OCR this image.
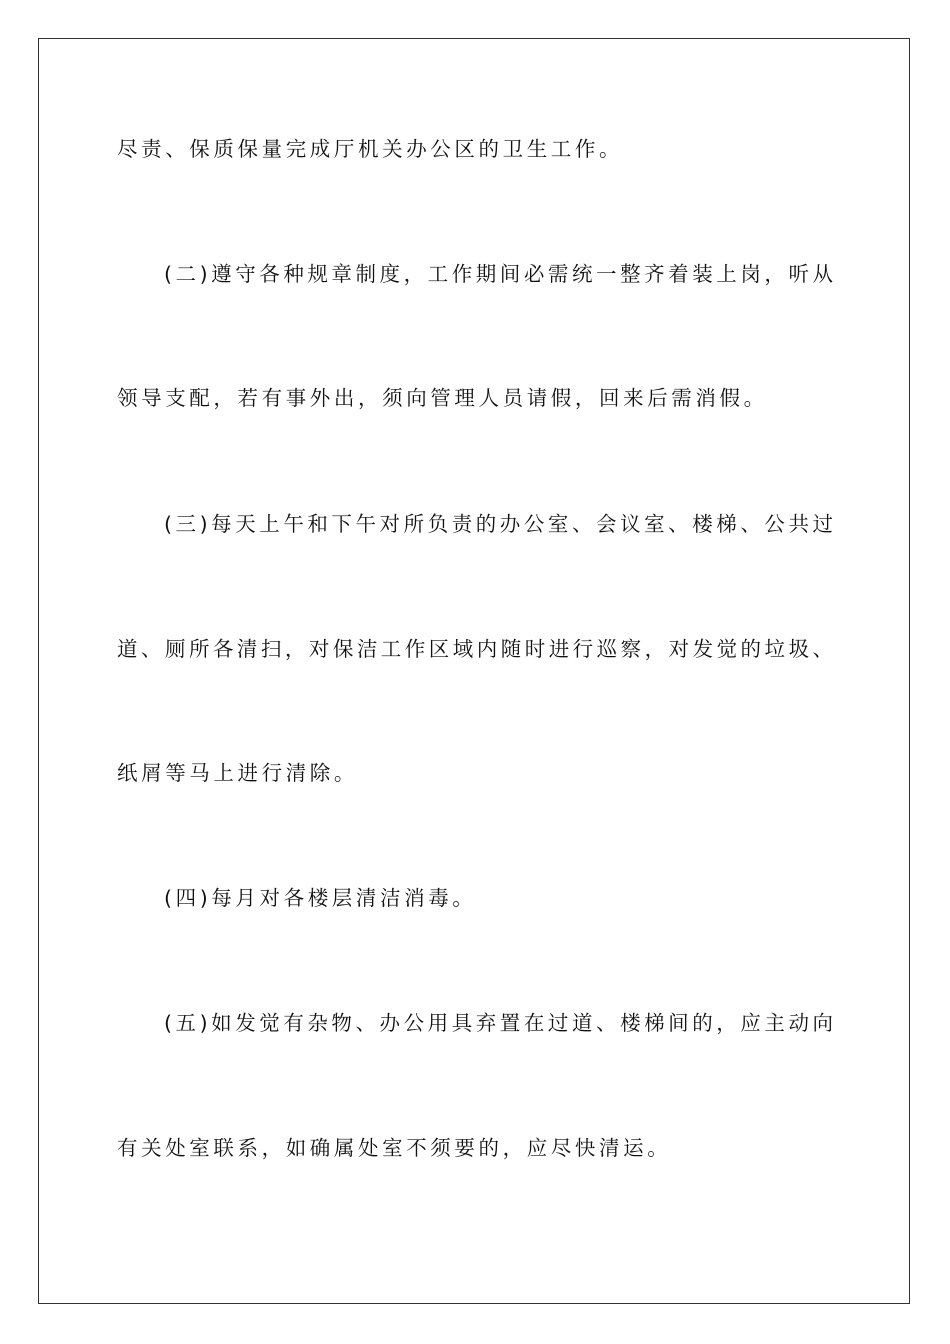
尽责、保质保量完成厅机关办公区的卫生工作。
(二)遵守各种规章制度，工作期间必需统一整齐着装上岗，听从
领导支配，若有事外出，须向管理人员请假，回来后需消假。
(三)每天上午和下午对所负责的办公室、会议室、楼梯、公共过
道、厕所各清扫，对保洁工作区域内随时进行巡察，对发觉的垃圾、
纸屑等马上进行清除。
(四)每月对各楼层清洁消毒。
(五)如发觉有杂物、办公用具弃置在过道、楼梯间的，应主动向
有关处室联系，如确属处室不须要的，应尽快清运。
